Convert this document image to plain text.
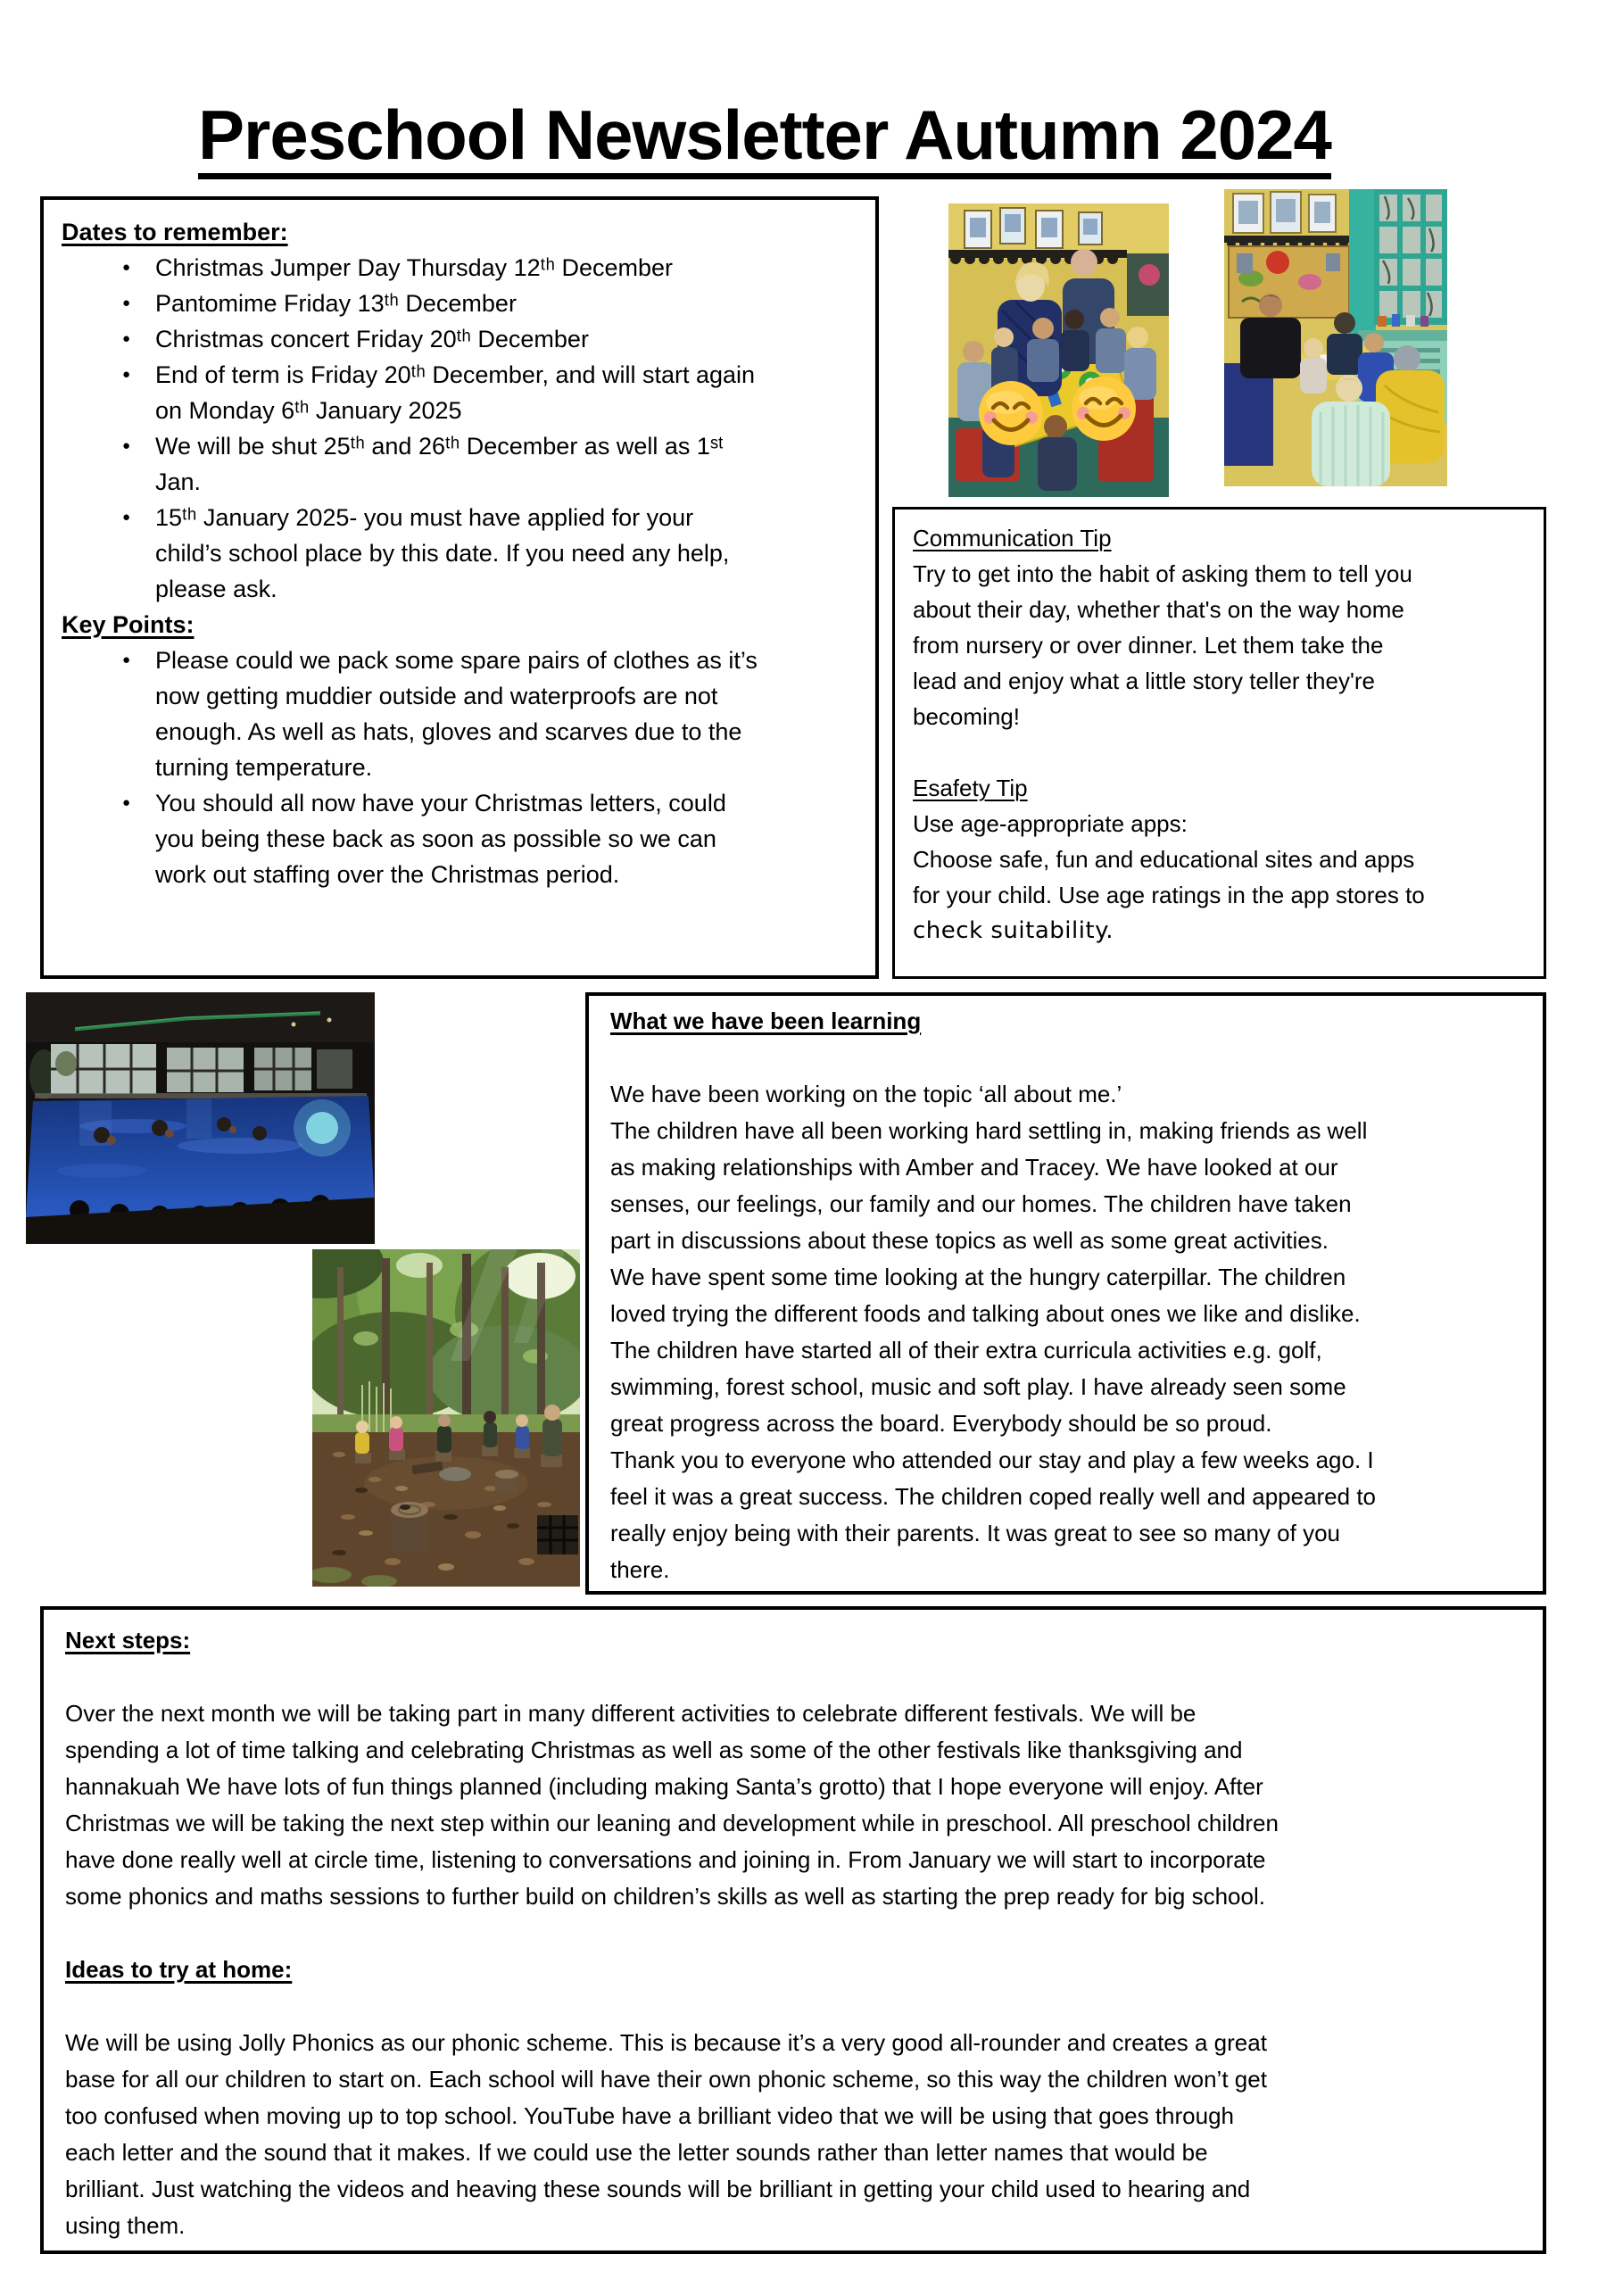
Preschool Newsletter Autumn 2024
Dates to remember:
● Christmas Jumper Day Thursday 12ᵗʰ December
● Pantomime Friday 13ᵗʰ December
● Christmas concert Friday 20ᵗʰ December
● End of term is Friday 20ᵗʰ December, and will start again
on Monday 6ᵗʰ January 2025
● We will be shut 25ᵗʰ and 26ᵗʰ December as well as 1ˢᵗ
Jan.
● 15ᵗʰ January 2025- you must have applied for your
child’s school place by this date. If you need any help,
please ask.
Key Points:
● Please could we pack some spare pairs of clothes as it’s
now getting muddier outside and waterproofs are not
enough. As well as hats, gloves and scarves due to the
turning temperature.
● You should all now have your Christmas letters, could
you being these back as soon as possible so we can
work out staffing over the Christmas period.
Communication Tip
Try to get into the habit of asking them to tell you
about their day, whether that's on the way home
from nursery or over dinner. Let them take the
lead and enjoy what a little story teller they're
becoming!

Esafety Tip
Use age-appropriate apps:
Choose safe, fun and educational sites and apps
for your child. Use age ratings in the app stores to
check suitability.
What we have been learning

We have been working on the topic ‘all about me.’
The children have all been working hard settling in, making friends as well
as making relationships with Amber and Tracey. We have looked at our
senses, our feelings, our family and our homes. The children have taken
part in discussions about these topics as well as some great activities.
We have spent some time looking at the hungry caterpillar. The children
loved trying the different foods and talking about ones we like and dislike.
The children have started all of their extra curricula activities e.g. golf,
swimming, forest school, music and soft play. I have already seen some
great progress across the board. Everybody should be so proud.
Thank you to everyone who attended our stay and play a few weeks ago. I
feel it was a great success. The children coped really well and appeared to
really enjoy being with their parents. It was great to see so many of you
there.
Next steps:

Over the next month we will be taking part in many different activities to celebrate different festivals. We will be
spending a lot of time talking and celebrating Christmas as well as some of the other festivals like thanksgiving and
hannakuah We have lots of fun things planned (including making Santa’s grotto) that I hope everyone will enjoy. After
Christmas we will be taking the next step within our leaning and development while in preschool. All preschool children
have done really well at circle time, listening to conversations and joining in. From January we will start to incorporate
some phonics and maths sessions to further build on children’s skills as well as starting the prep ready for big school.

Ideas to try at home:

We will be using Jolly Phonics as our phonic scheme. This is because it’s a very good all-rounder and creates a great
base for all our children to start on. Each school will have their own phonic scheme, so this way the children won’t get
too confused when moving up to top school. YouTube have a brilliant video that we will be using that goes through
each letter and the sound that it makes. If we could use the letter sounds rather than letter names that would be
brilliant. Just watching the videos and heaving these sounds will be brilliant in getting your child used to hearing and
using them.
